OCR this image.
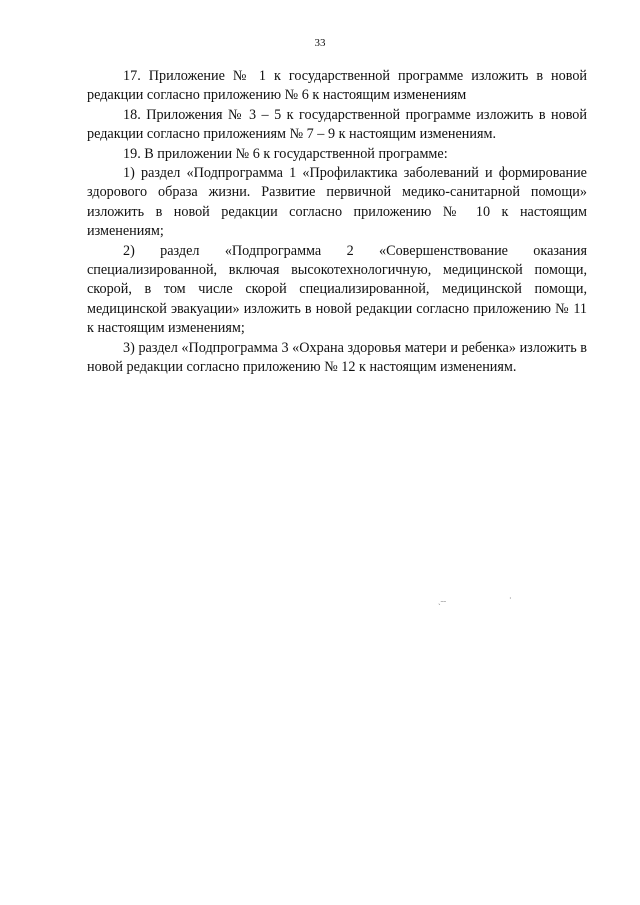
33

17. Приложение № 1 к государственной программе изложить в новой редакции согласно приложению № 6 к настоящим изменениям

18. Приложения № 3 – 5 к государственной программе изложить в новой редакции согласно приложениям № 7 – 9 к настоящим изменениям.

19. В приложении № 6 к государственной программе:

1) раздел «Подпрограмма 1 «Профилактика заболеваний и формирование здорового образа жизни. Развитие первичной медико-санитарной помощи» изложить в новой редакции согласно приложению № 10 к настоящим изменениям;

2) раздел «Подпрограмма 2 «Совершенствование оказания специализированной, включая высокотехнологичную, медицинской помощи, скорой, в том числе скорой специализированной, медицинской помощи, медицинской эвакуации» изложить в новой редакции согласно приложению № 11 к настоящим изменениям;

3) раздел «Подпрограмма 3 «Охрана здоровья матери и ребенка» изложить в новой редакции согласно приложению № 12 к настоящим изменениям.

ˏ˗˗	·
